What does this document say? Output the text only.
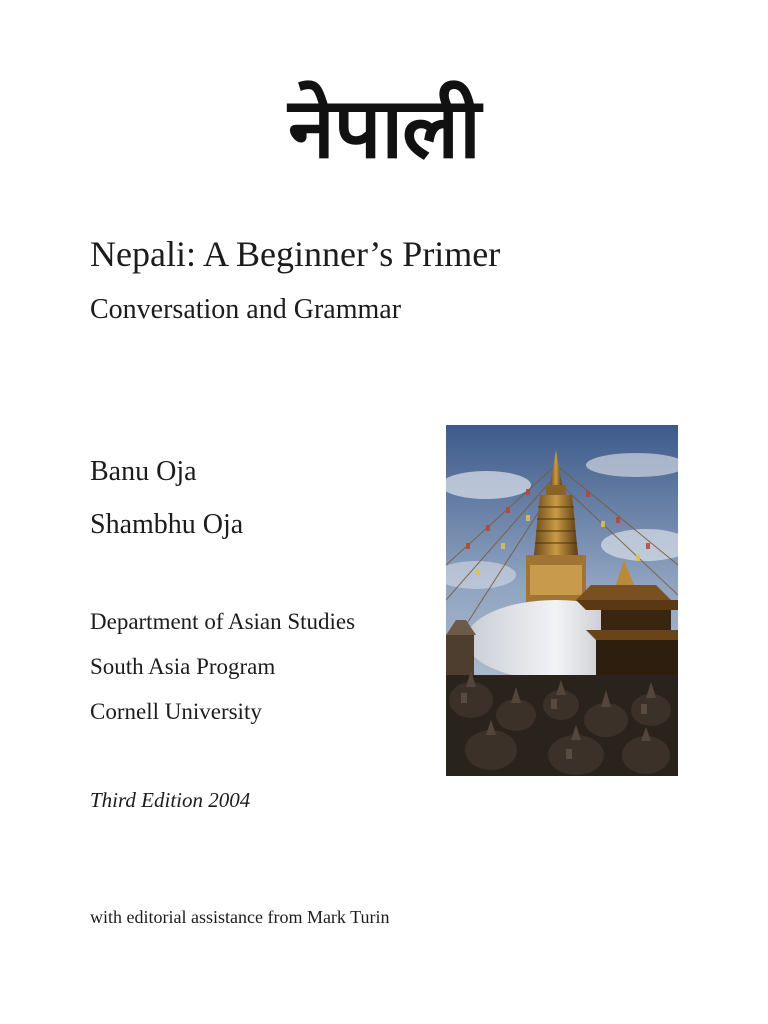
नेपाली
Nepali: A Beginner’s Primer
Conversation and Grammar
Banu Oja
Shambhu Oja
Department of Asian Studies
South Asia Program
Cornell University
Third Edition 2004
with editorial assistance from Mark Turin
